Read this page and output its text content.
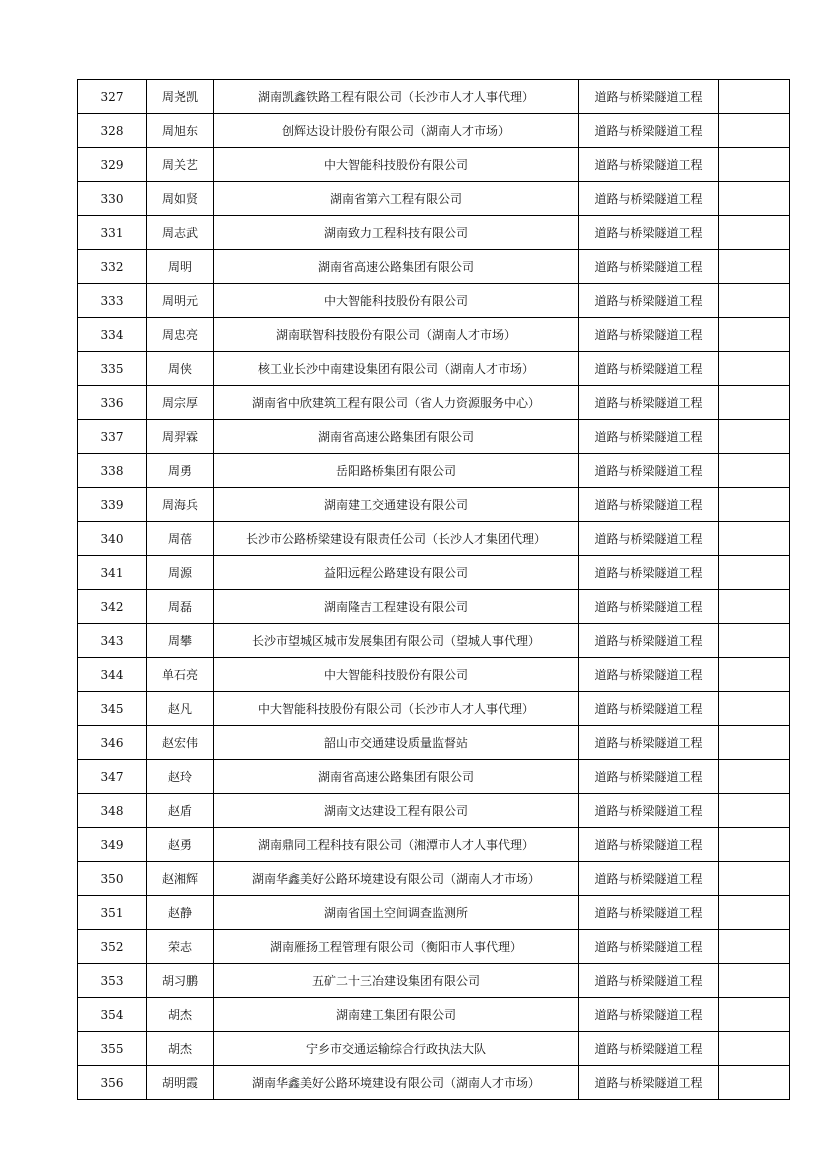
327	周尧凯	湖南凯鑫铁路工程有限公司（长沙市人才人事代理）	道路与桥梁隧道工程	
328	周旭东	创辉达设计股份有限公司（湖南人才市场）	道路与桥梁隧道工程	
329	周关艺	中大智能科技股份有限公司	道路与桥梁隧道工程	
330	周如贤	湖南省第六工程有限公司	道路与桥梁隧道工程	
331	周志武	湖南致力工程科技有限公司	道路与桥梁隧道工程	
332	周明	湖南省高速公路集团有限公司	道路与桥梁隧道工程	
333	周明元	中大智能科技股份有限公司	道路与桥梁隧道工程	
334	周忠亮	湖南联智科技股份有限公司（湖南人才市场）	道路与桥梁隧道工程	
335	周侠	核工业长沙中南建设集团有限公司（湖南人才市场）	道路与桥梁隧道工程	
336	周宗厚	湖南省中欣建筑工程有限公司（省人力资源服务中心）	道路与桥梁隧道工程	
337	周羿霖	湖南省高速公路集团有限公司	道路与桥梁隧道工程	
338	周勇	岳阳路桥集团有限公司	道路与桥梁隧道工程	
339	周海兵	湖南建工交通建设有限公司	道路与桥梁隧道工程	
340	周蓓	长沙市公路桥梁建设有限责任公司（长沙人才集团代理）	道路与桥梁隧道工程	
341	周源	益阳远程公路建设有限公司	道路与桥梁隧道工程	
342	周磊	湖南隆吉工程建设有限公司	道路与桥梁隧道工程	
343	周攀	长沙市望城区城市发展集团有限公司（望城人事代理）	道路与桥梁隧道工程	
344	单石亮	中大智能科技股份有限公司	道路与桥梁隧道工程	
345	赵凡	中大智能科技股份有限公司（长沙市人才人事代理）	道路与桥梁隧道工程	
346	赵宏伟	韶山市交通建设质量监督站	道路与桥梁隧道工程	
347	赵玲	湖南省高速公路集团有限公司	道路与桥梁隧道工程	
348	赵盾	湖南文达建设工程有限公司	道路与桥梁隧道工程	
349	赵勇	湖南鼎同工程科技有限公司（湘潭市人才人事代理）	道路与桥梁隧道工程	
350	赵湘辉	湖南华鑫美好公路环境建设有限公司（湖南人才市场）	道路与桥梁隧道工程	
351	赵静	湖南省国土空间调查监测所	道路与桥梁隧道工程	
352	荣志	湖南雁扬工程管理有限公司（衡阳市人事代理）	道路与桥梁隧道工程	
353	胡习鹏	五矿二十三冶建设集团有限公司	道路与桥梁隧道工程	
354	胡杰	湖南建工集团有限公司	道路与桥梁隧道工程	
355	胡杰	宁乡市交通运输综合行政执法大队	道路与桥梁隧道工程	
356	胡明霞	湖南华鑫美好公路环境建设有限公司（湖南人才市场）	道路与桥梁隧道工程	
